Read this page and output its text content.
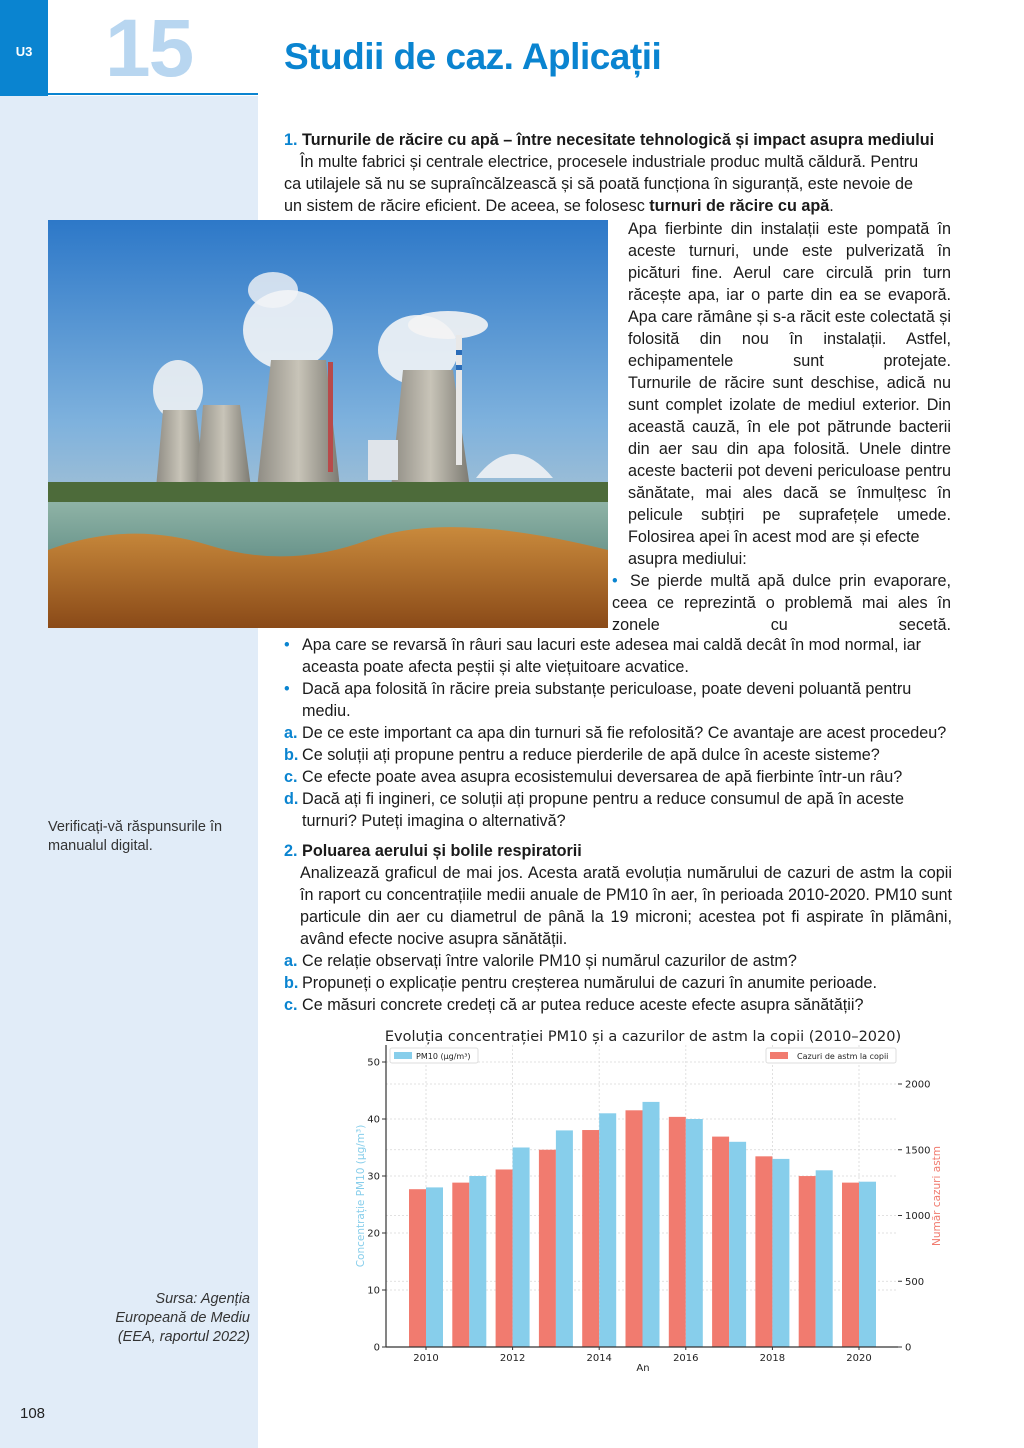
U3 15 Studii de caz. Aplicații
1. Turnurile de răcire cu apă – între necesitate tehnologică și impact asupra mediului
În multe fabrici și centrale electrice, procesele industriale produc multă căldură. Pentru
ca utilajele să nu se supraîncălzească și să poată funcționa în siguranță, este nevoie de
un sistem de răcire eficient. De aceea, se folosesc turnuri de răcire cu apă.

Apa fierbinte din instalații este pompată în aceste turnuri, unde este pulverizată în picături fine. Aerul care circulă prin turn răcește apa, iar o parte din ea se evaporă. Apa care rămâne și s-a răcit este colectată și folosită din nou în instalații. Astfel, echipamentele sunt protejate.

Turnurile de răcire sunt deschise, adică nu sunt complet izolate de mediul exterior. Din această cauză, în ele pot pătrunde bacterii din aer sau din apa folosită. Unele dintre aceste bacterii pot deveni periculoase pentru sănătate, mai ales dacă se înmulțesc în pelicule subțiri pe suprafețele umede.

Folosirea apei în acest mod are și efecte asupra mediului:

• Se pierde multă apă dulce prin evaporare, ceea ce reprezintă o problemă mai ales în zonele cu secetă.

• Apa care se revarsă în râuri sau lacuri este adesea mai caldă decât în mod normal, iar aceasta poate afecta peștii și alte viețuitoare acvatice.
• Dacă apa folosită în răcire preia substanțe periculoase, poate deveni poluantă pentru mediu.
a. De ce este important ca apa din turnuri să fie refolosită? Ce avantaje are acest procedeu?
b. Ce soluții ați propune pentru a reduce pierderile de apă dulce în aceste sisteme?
c. Ce efecte poate avea asupra ecosistemului deversarea de apă fierbinte într-un râu?
d. Dacă ați fi ingineri, ce soluții ați propune pentru a reduce consumul de apă în aceste turnuri? Puteți imagina o alternativă?
2. Poluarea aerului și bolile respiratorii
Analizează graficul de mai jos. Acesta arată evoluția numărului de cazuri de astm la copii în raport cu concentrațiile medii anuale de PM10 în aer, în perioada 2010-2020. PM10 sunt particule din aer cu diametrul de până la 19 microni; acestea pot fi aspirate în plămâni, având efecte nocive asupra sănătății.
a. Ce relație observați între valorile PM10 și numărul cazurilor de astm?
b. Propuneți o explicație pentru creșterea numărului de cazuri în anumite perioade.
c. Ce măsuri concrete credeți că ar putea reduce aceste efecte asupra sănătății?
Verificați-vă răspunsurile în manualul digital.
Sursa: Agenția Europeană de Mediu (EEA, raportul 2022)
108
Evoluția concentrației PM10 și a cazurilor de astm la copii (2010–2020)
0
10
20
30
40
50
0
500
1000
1500
2000
2010	2012	2014	2016	2018	2020
An
Concentrație PM10 (µg/m³)	Număr cazuri astm
PM10 (µg/m³)	Cazuri de astm la copii
